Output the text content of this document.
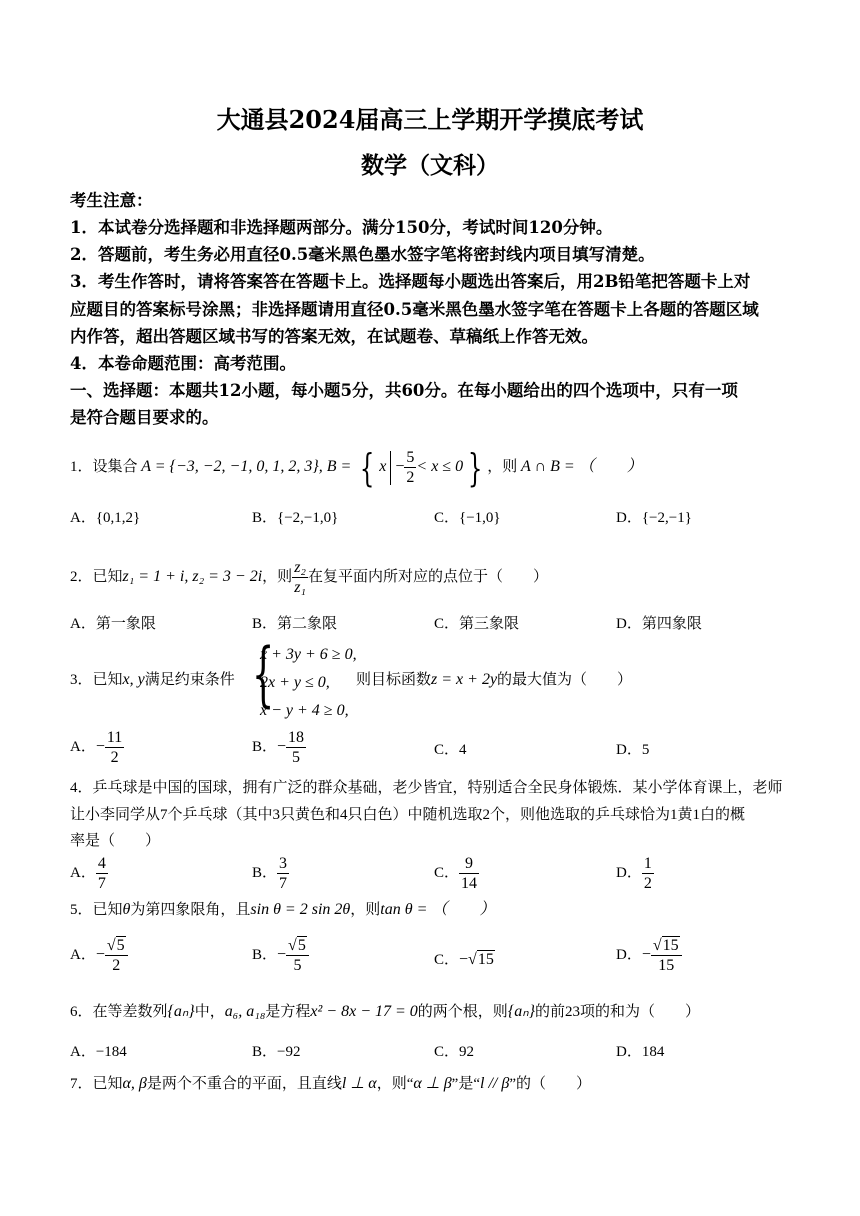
大通县2024届高三上学期开学摸底考试
数学（文科）
考生注意：
1．本试卷分选择题和非选择题两部分。满分150分，考试时间120分钟。
2．答题前，考生务必用直径0.5毫米黑色墨水签字笔将密封线内项目填写清楚。
3．考生作答时，请将答案答在答题卡上。选择题每小题选出答案后，用2B铅笔把答题卡上对
应题目的答案标号涂黑；非选择题请用直径0.5毫米黑色墨水签字笔在答题卡上各题的答题区域
内作答，超出答题区域书写的答案无效，在试题卷、草稿纸上作答无效。
4．本卷命题范围：高考范围。
一、选择题：本题共12小题，每小题5分，共60分。在每小题给出的四个选项中，只有一项
是符合题目要求的。
1．设集合 A = {−3, −2, −1, 0, 1, 2, 3}, B = { $x - \frac{5}{2} < x \le 0$ } ，则 A ∩ B = （　　）
A．{0,1,2}	B．{−2,−1,0}	C．{−1,0}	D．{−2,−1}
2．已知z₁ = 1 + i, z₂ = 3 − 2i，则 $\frac{\text{z₂}}{\text{z₁}}$ 在复平面内所对应的点位于（　　）
A．第一象限	B．第二象限	C．第三象限	D．第四象限
3．已知x, y满足约束条件 {
x + 3y + 6 ≥ 0,
2x + y ≤ 0,
x − y + 4 ≥ 0,
则目标函数z = x + 2y的最大值为（　　）
A．− $\frac{11}{2}$	B．− $\frac{18}{5}$	C．4	D．5
4．乒乓球是中国的国球，拥有广泛的群众基础，老少皆宜，特别适合全民身体锻炼．某小学体育课上，老师
让小李同学从7个乒乓球（其中3只黄色和4只白色）中随机选取2个，则他选取的乒乓球恰为1黄1白的概
率是（　　）
A． $\frac{4}{7}$	B． $\frac{3}{7}$	C． $\frac{9}{14}$	D． $\frac{1}{2}$
5．已知θ为第四象限角，且sin θ = 2 sin 2θ，则tan θ = （　　）
A．− $\frac{√5}{2}$	B．− $\frac{√5}{5}$	C．−√15	D．− $\frac{√15}{15}$
6．在等差数列{aₙ}中，a₆, a₁₈是方程x² − 8x − 17 = 0的两个根，则{aₙ}的前23项的和为（　　）
A．−184	B．−92	C．92	D．184
7．已知α, β是两个不重合的平面，且直线l ⊥ α，则“α ⊥ β”是“l // β”的（　　）
